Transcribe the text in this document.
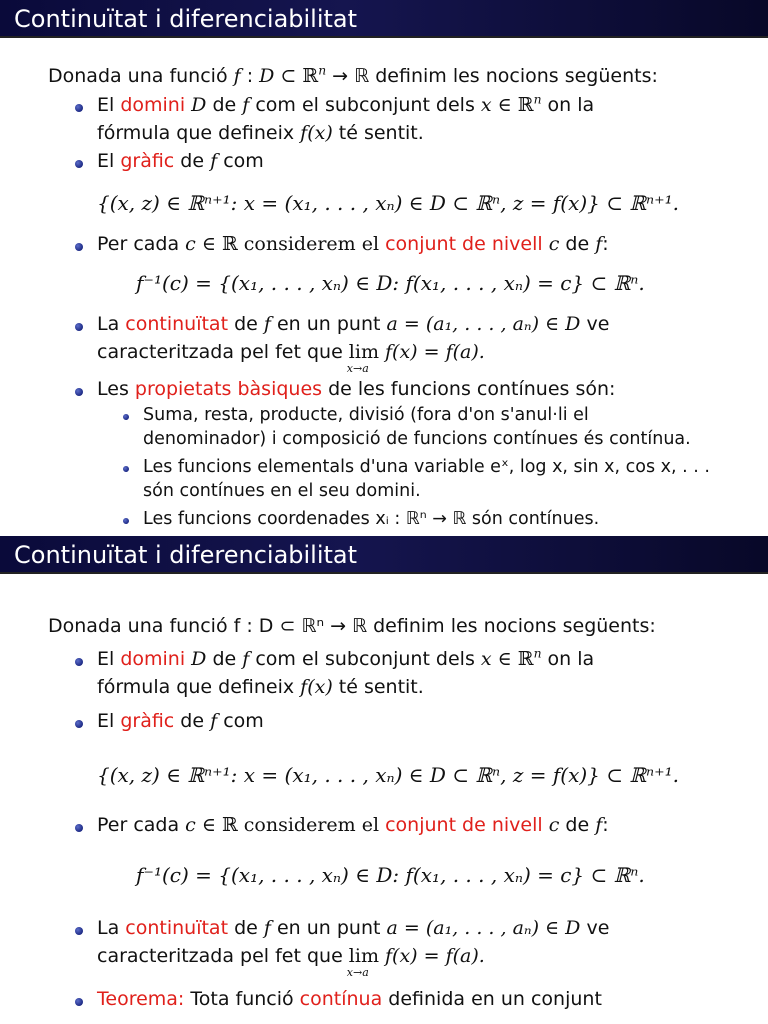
Continuïtat i diferenciabilitat
Donada una funció f : D ⊂ ℝ$^n$ → ℝ definim les nocions següents:
El domini D de f com el subconjunt dels x ∈ ℝ$^n$ on la
fórmula que defineix f(x) té sentit.
El gràfic de f com
{(x, z) ∈ ℝⁿ⁺¹: x = (x₁, . . . , xₙ) ∈ D ⊂ ℝⁿ, z = f(x)} ⊂ ℝⁿ⁺¹.
Per cada c ∈ ℝ considerem el conjunt de nivell c de f:
f⁻¹(c) = {(x₁, . . . , xₙ) ∈ D: f(x₁, . . . , xₙ) = c} ⊂ ℝⁿ.
La continuïtat de f en un punt a = (a₁, . . . , aₙ) ∈ D ve
caracteritzada pel fet que lim
x→a
f(x) = f(a).
Les propietats bàsiques de les funcions contínues són:
Suma, resta, producte, divisió (fora d'on s'anul·li el
denominador) i composició de funcions contínues és contínua.
Les funcions elementals d'una variable eˣ, log x, sin x, cos x, . . .
són contínues en el seu domini.
Les funcions coordenades xᵢ : ℝⁿ → ℝ són contínues.
Continuïtat i diferenciabilitat
Donada una funció f : D ⊂ ℝⁿ → ℝ definim les nocions següents:
El domini D de f com el subconjunt dels x ∈ ℝ$^n$ on la
fórmula que defineix f(x) té sentit.
El gràfic de f com
{(x, z) ∈ ℝⁿ⁺¹: x = (x₁, . . . , xₙ) ∈ D ⊂ ℝⁿ, z = f(x)} ⊂ ℝⁿ⁺¹.
Per cada c ∈ ℝ considerem el conjunt de nivell c de f:
f⁻¹(c) = {(x₁, . . . , xₙ) ∈ D: f(x₁, . . . , xₙ) = c} ⊂ ℝⁿ.
La continuïtat de f en un punt a = (a₁, . . . , aₙ) ∈ D ve
caracteritzada pel fet que lim
x→a
f(x) = f(a).
Teorema: Tota funció contínua definida en un conjunt
